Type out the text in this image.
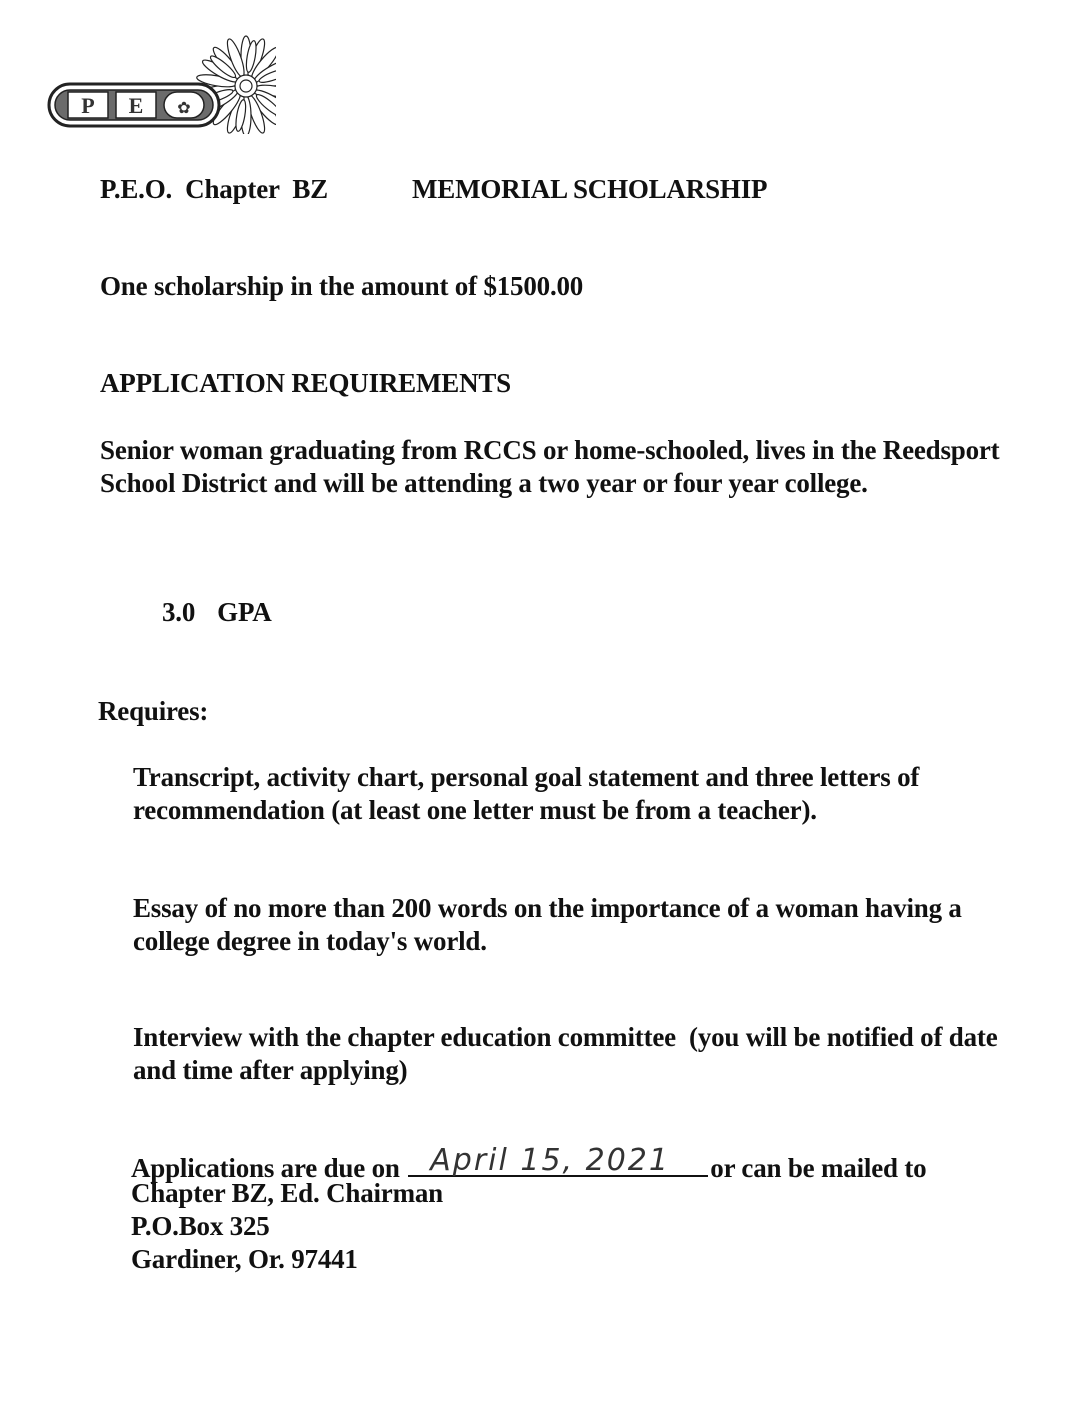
P E ✿
P.E.O.  Chapter  BZ	MEMORIAL SCHOLARSHIP
One scholarship in the amount of $1500.00
APPLICATION REQUIREMENTS
Senior woman graduating from RCCS or home-schooled, lives in the Reedsport School District and will be attending a two year or four year college.
3.0 GPA
Requires:
Transcript, activity chart, personal goal statement and three letters of recommendation (at least one letter must be from a teacher).
Essay of no more than 200 words on the importance of a woman having a college degree in today's world.
Interview with the chapter education committee  (you will be notified of date and time after applying)
Applications are due on April 15, 2021 or can be mailed to
Chapter BZ, Ed. Chairman
P.O.Box 325
Gardiner, Or. 97441
